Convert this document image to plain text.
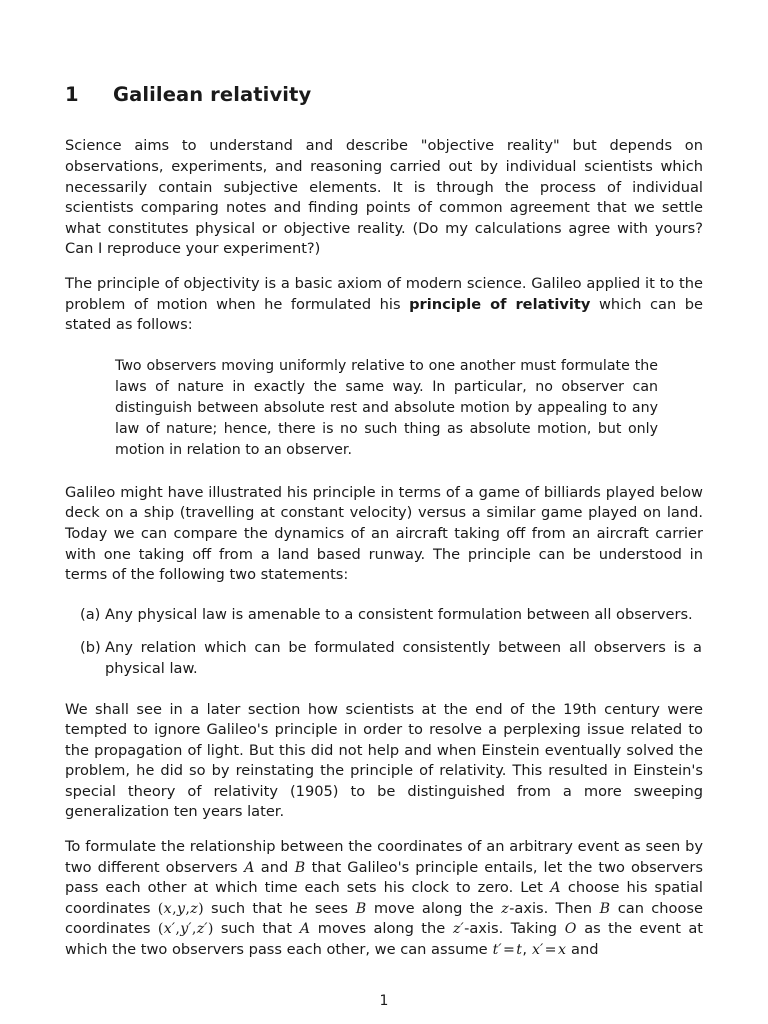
1	Galilean relativity

Science aims to understand and describe "objective reality" but depends on observations, experiments, and reasoning carried out by individual scientists which necessarily contain subjective elements. It is through the process of individual scientists comparing notes and finding points of common agreement that we settle what constitutes physical or objective reality. (Do my calculations agree with yours? Can I reproduce your experiment?)

The principle of objectivity is a basic axiom of modern science. Galileo applied it to the problem of motion when he formulated his principle of relativity which can be stated as follows:

Two observers moving uniformly relative to one another must formulate the laws of nature in exactly the same way. In particular, no observer can distinguish between absolute rest and absolute motion by appealing to any law of nature; hence, there is no such thing as absolute motion, but only motion in relation to an observer.

Galileo might have illustrated his principle in terms of a game of billiards played below deck on a ship (travelling at constant velocity) versus a similar game played on land. Today we can compare the dynamics of an aircraft taking off from an aircraft carrier with one taking off from a land based runway. The principle can be understood in terms of the following two statements:

(a) Any physical law is amenable to a consistent formulation between all observers.
(b) Any relation which can be formulated consistently between all observers is a physical law.

We shall see in a later section how scientists at the end of the 19th century were tempted to ignore Galileo's principle in order to resolve a perplexing issue related to the propagation of light. But this did not help and when Einstein eventually solved the problem, he did so by reinstating the principle of relativity. This resulted in Einstein's special theory of relativity (1905) to be distinguished from a more sweeping generalization ten years later.

To formulate the relationship between the coordinates of an arbitrary event as seen by two different observers A and B that Galileo's principle entails, let the two observers pass each other at which time each sets his clock to zero. Let A choose his spatial coordinates (x,y,z) such that he sees B move along the z-axis. Then B can choose coordinates (x′,y′,z′) such that A moves along the z′-axis. Taking O as the event at which the two observers pass each other, we can assume t′=t, x′=x and

1
